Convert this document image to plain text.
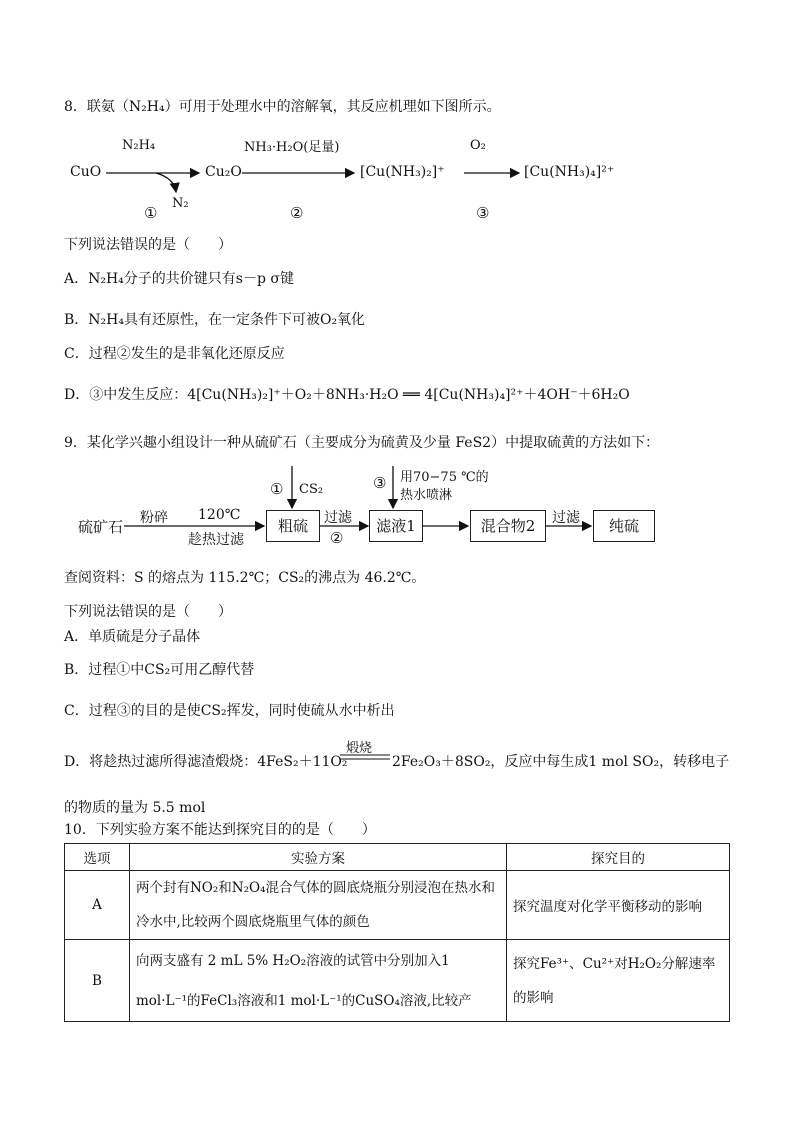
8．联氨（N₂H₄）可用于处理水中的溶解氧，其反应机理如下图所示。
CuO
N₂H₄
N₂
①
Cu₂O
NH₃·H₂O(足量)
②
[Cu(NH₃)₂]⁺
O₂
③
[Cu(NH₃)₄]²⁺
下列说法错误的是（　　）
A．N₂H₄分子的共价键只有s－p σ键
B．N₂H₄具有还原性，在一定条件下可被O₂氧化
C．过程②发生的是非氧化还原反应
D．③中发生反应：4[Cu(NH₃)₂]⁺＋O₂＋8NH₃·H₂O ══ 4[Cu(NH₃)₄]²⁺＋4OH⁻＋6H₂O
9．某化学兴趣小组设计一种从硫矿石（主要成分为硫黄及少量 FeS2）中提取硫黄的方法如下：
硫矿石 粉碎 120℃
趁热过滤
粗硫
① CS₂
过滤
②
滤液1
③ 用70−75 ℃的
热水喷淋
混合物2	过滤	纯硫
查阅资料：S 的熔点为 115.2℃；CS₂的沸点为 46.2℃。
下列说法错误的是（　　）
A．单质硫是分子晶体
B．过程①中CS₂可用乙醇代替
C．过程③的目的是使CS₂挥发，同时使硫从水中析出
D．将趁热过滤所得滤渣煅烧：4FeS₂＋11O₂
煅烧
2Fe₂O₃＋8SO₂，反应中每生成1 mol SO₂，转移电子
的物质的量为 5.5 mol
10．下列实验方案不能达到探究目的的是（　　）
选项	实验方案	探究目的
A	两个封有NO₂和N₂O₄混合气体的圆底烧瓶分别浸泡在热水和冷水中,比较两个圆底烧瓶里气体的颜色	探究温度对化学平衡移动的影响
B	向两支盛有 2 mL 5% H₂O₂溶液的试管中分别加入1 mol·L⁻¹的FeCl₃溶液和1 mol·L⁻¹的CuSO₄溶液,比较产	探究Fe³⁺、Cu²⁺对H₂O₂分解速率的影响
